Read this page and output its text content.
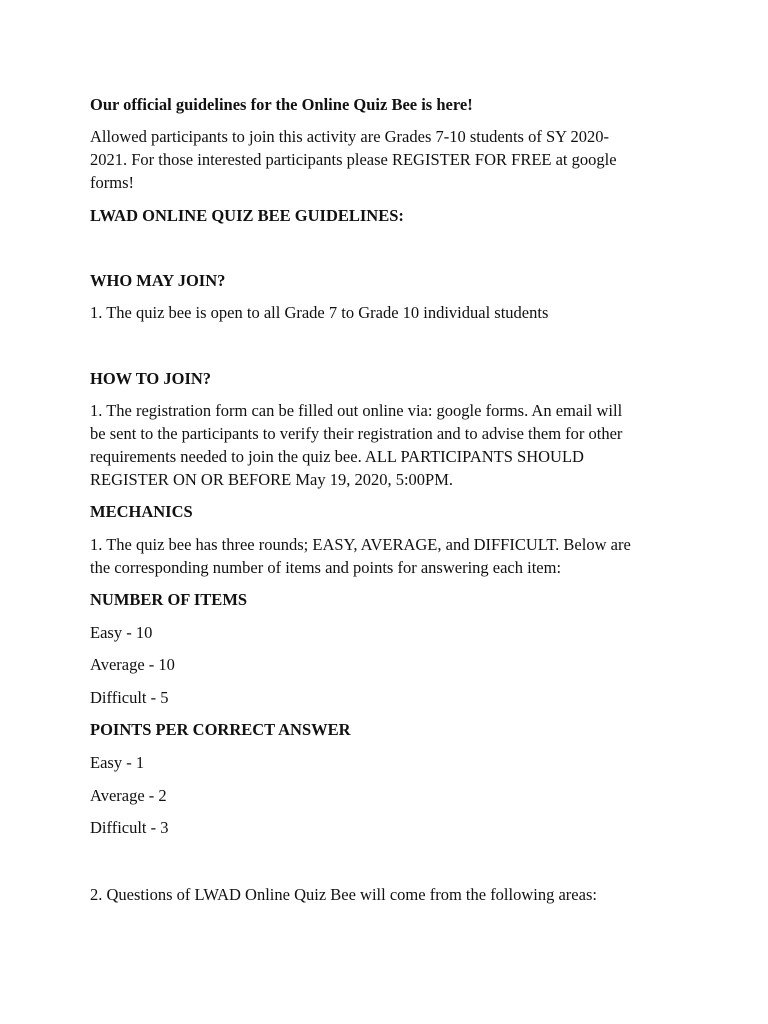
Our official guidelines for the Online Quiz Bee is here!

Allowed participants to join this activity are Grades 7-10 students of SY 2020-

2021. For those interested participants please REGISTER FOR FREE at google

forms!

LWAD ONLINE QUIZ BEE GUIDELINES:

WHO MAY JOIN?

1. The quiz bee is open to all Grade 7 to Grade 10 individual students

HOW TO JOIN?

1. The registration form can be filled out online via: google forms. An email will

be sent to the participants to verify their registration and to advise them for other

requirements needed to join the quiz bee. ALL PARTICIPANTS SHOULD

REGISTER ON OR BEFORE May 19, 2020, 5:00PM.

MECHANICS

1. The quiz bee has three rounds; EASY, AVERAGE, and DIFFICULT. Below are

the corresponding number of items and points for answering each item:

NUMBER OF ITEMS

Easy - 10

Average - 10

Difficult - 5

POINTS PER CORRECT ANSWER

Easy - 1

Average - 2

Difficult - 3

2. Questions of LWAD Online Quiz Bee will come from the following areas:
